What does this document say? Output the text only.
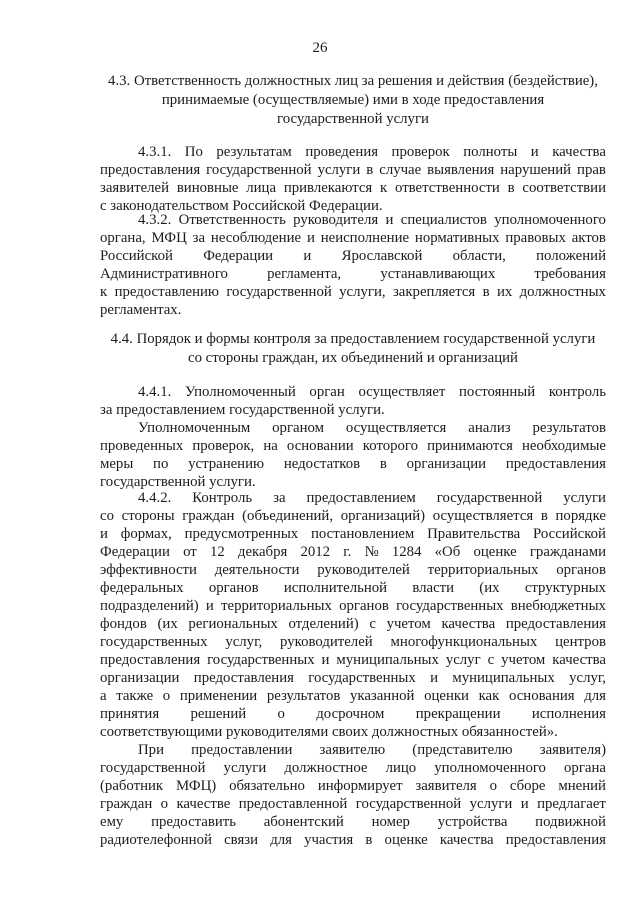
26
4.3. Ответственность должностных лиц за решения и действия (бездействие),
принимаемые (осуществляемые) ими в ходе предоставления
государственной услуги
4.3.1. По результатам проведения проверок полноты и качества
предоставления государственной услуги в случае выявления нарушений прав
заявителей виновные лица привлекаются к ответственности в соответствии
с законодательством Российской Федерации.
4.3.2. Ответственность руководителя и специалистов уполномоченного
органа, МФЦ за несоблюдение и неисполнение нормативных правовых актов
Российской Федерации и Ярославской области, положений
Административного	регламента,	устанавливающих	требования
к предоставлению государственной услуги, закрепляется в их должностных
регламентах.
4.4. Порядок и формы контроля за предоставлением государственной услуги
со стороны граждан, их объединений и организаций
4.4.1. Уполномоченный орган осуществляет постоянный контроль
за предоставлением государственной услуги.
Уполномоченным органом осуществляется анализ результатов
проведенных проверок, на основании которого принимаются необходимые
меры по устранению недостатков в организации предоставления
государственной услуги.
4.4.2. Контроль за предоставлением государственной услуги
со стороны граждан (объединений, организаций) осуществляется в порядке
и формах, предусмотренных постановлением Правительства Российской
Федерации от 12 декабря 2012 г. № 1284 «Об оценке гражданами
эффективности деятельности руководителей территориальных органов
федеральных органов исполнительной власти (их структурных
подразделений) и территориальных органов государственных внебюджетных
фондов (их региональных отделений) с учетом качества предоставления
государственных услуг, руководителей многофункциональных центров
предоставления государственных и муниципальных услуг с учетом качества
организации предоставления государственных и муниципальных услуг,
а также о применении результатов указанной оценки как основания для
принятия решений о досрочном прекращении исполнения
соответствующими руководителями своих должностных обязанностей».
При предоставлении заявителю (представителю заявителя)
государственной услуги должностное лицо уполномоченного органа
(работник МФЦ) обязательно информирует заявителя о сборе мнений
граждан о качестве предоставленной государственной услуги и предлагает
ему предоставить абонентский номер устройства подвижной
радиотелефонной связи для участия в оценке качества предоставления
